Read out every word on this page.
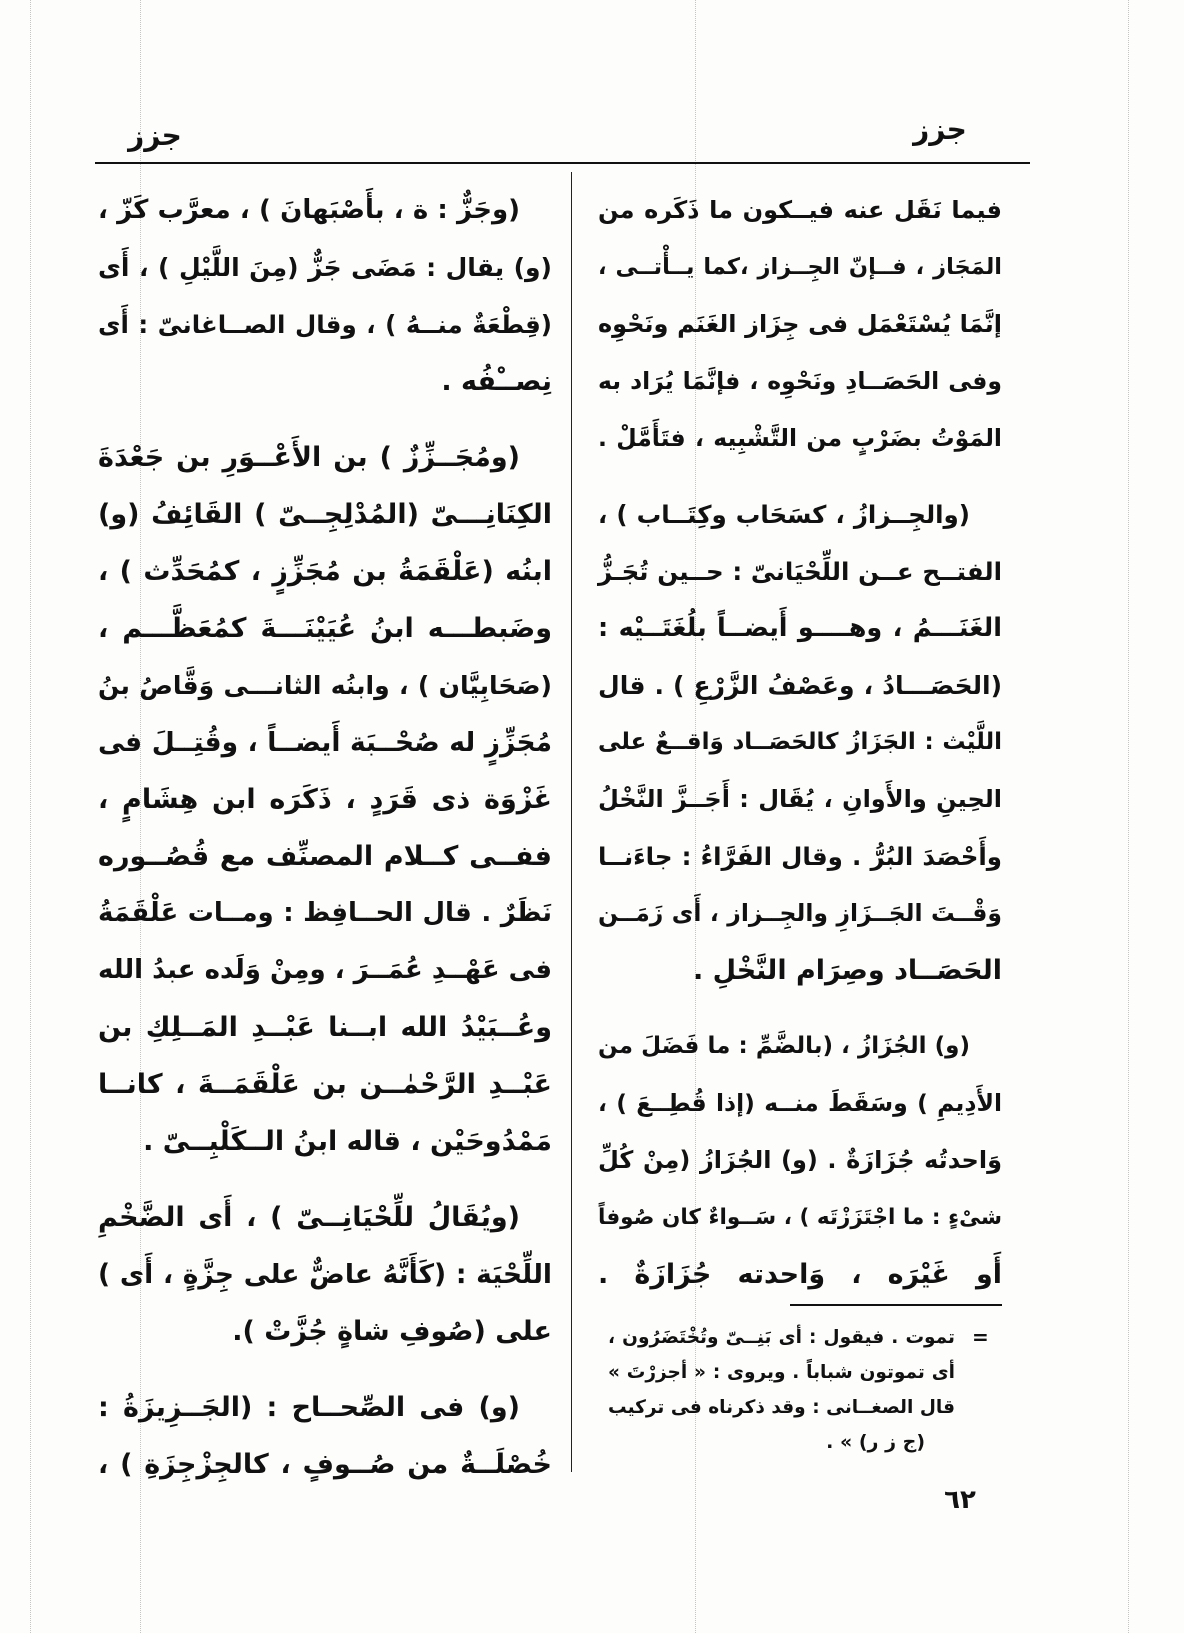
جزز	جزز
فيما نَقَل عنه فيــكون ما ذَكَره من
المَجَاز ، فــإنّ الجِــزاز ،كما يــأْتــى ،
إنَّمَا يُسْتَعْمَل فى جِزَاز الغَنَم ونَحْوِه
وفى الحَصَــادِ ونَحْوِه ، فإنَّمَا يُرَاد به
المَوْتُ بضَرْبٍ من التَّشْبِيه ، فتَأَمَّلْ .
(والجِــزازُ ، كسَحَاب وكِتَــاب ) ،
الفتــح عــن اللِّحْيَانىّ : حــين تُجَـزُّ
الغَنَـــمُ ، وهــــو أَيضــاً بلُغَتَــيْه :
(الحَصَـــادُ ، وعَصْفُ الزَّرْعِ ) . قال
اللَّيْث : الجَزَازُ كالحَصَــاد وَاقــعٌ على
الحِينِ والأَوانِ ، يُقَال : أَجَــزَّ النَّخْلُ
وأَحْصَدَ البُرُّ . وقال الفَرَّاءُ : جاءَنــا
وَقْــتَ الجَــزَازِ والجِــزاز ، أَى زَمَــن
الحَصَــاد وصِرَام النَّخْلِ .
(و) الجُزَازُ ، (بالضَّمِّ : ما فَضَلَ من
الأَدِيمِ ) وسَقَطَ منــه (إذا قُطِــعَ ) ،
وَاحدتُه جُزَازَةٌ . (و) الجُزَازُ (مِنْ كُلِّ
شىْءٍ : ما اجْتَزَزْتَه ) ، سَــواءٌ كان صُوفاً
أَو غَيْرَه ، وَاحدته جُزَازَةٌ .
=
تموت . فيقول : أى بَنِــىّ وتُخْتَضَرُون ،
أى تموتون شباباً . ويروى : « أجزرْتَ »
قال الصغــانى : وقد ذكرناه فى تركيب
(ج ز ر) » .
(وجَزٌّ : ة ، بأَصْبَهانَ ) ، معرَّب كَزّ ،
(و) يقال : مَضَى جَزٌّ (مِنَ اللَّيْلِ ) ، أَى
(قِطْعَةٌ منــهُ ) ، وقال الصــاغانىّ : أَى
نِصــْفُه .
(ومُجَــزِّزٌ ) بن الأَعْــوَرِ بن جَعْدَةَ
الكِنَانِـــىّ (المُدْلِجِــىّ ) القَائِفُ (و)
ابنُه (عَلْقَمَةُ بن مُجَزِّزٍ ، كمُحَدِّث ) ،
وضَبطـــه ابنُ عُيَيْنَـــةَ كمُعَظَّـــم ،
(صَحَابِيَّان ) ، وابنُه الثانـــى وَقَّاصُ بنُ
مُجَزِّزٍ له صُحْــبَة أَيضــاً ، وقُتِــلَ فى
غَزْوَة ذى قَرَدٍ ، ذَكَرَه ابن هِشَامٍ ،
ففــى كــلام المصنِّف مع قُصُــوره
نَظَرٌ . قال الحــافِظ : ومــات عَلْقَمَةُ
فى عَهْــدِ عُمَــرَ ، ومِنْ وَلَده عبدُ الله
وعُــبَيْدُ الله ابــنا عَبْــدِ المَــلِكِ بن
عَبْــدِ الرَّحْمٰــن بن عَلْقَمَــةَ ، كانــا
مَمْدُوحَيْن ، قاله ابنُ الــكَلْبِــىّ .
(ويُقَالُ للِّحْيَانِــىّ ) ، أَى الضَّخْمِ
اللِّحْيَة : (كَأَنَّهُ عاضٌّ على جِزَّةٍ ، أَى )
على (صُوفِ شاةٍ جُزَّتْ ).
(و) فى الصِّحــاح : (الجَــزِيزَةُ :
خُصْلَــةٌ من صُــوفٍ ، كالجِزْجِزَةِ ) ،
٦٢
